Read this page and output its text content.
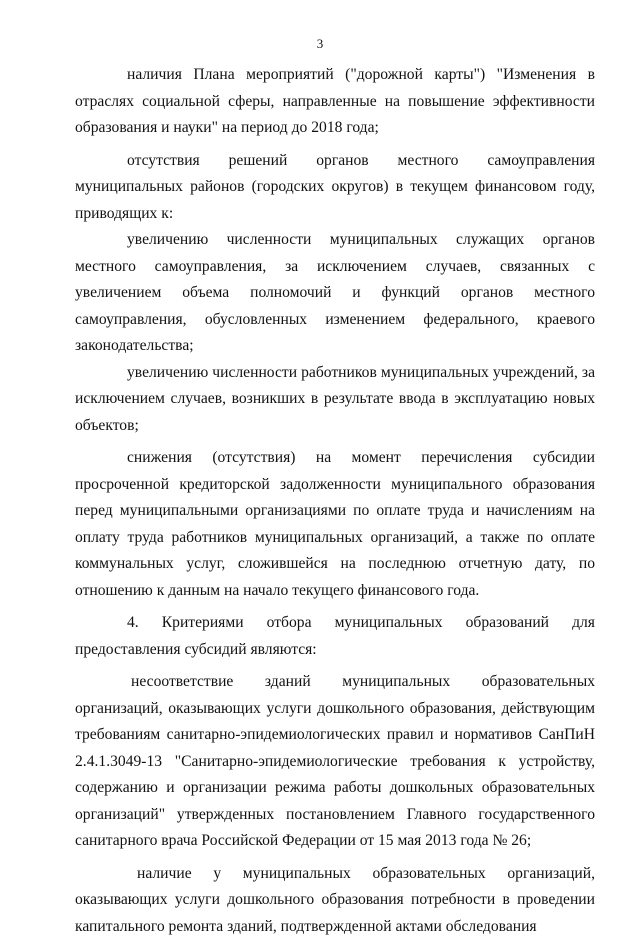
3

наличия Плана мероприятий ("дорожной карты") "Изменения в отраслях социальной сферы, направленные на повышение эффективности образования и науки" на период до 2018 года;

отсутствия решений органов местного самоуправления муниципальных районов (городских округов) в текущем финансовом году, приводящих к:

увеличению численности муниципальных служащих органов местного самоуправления, за исключением случаев, связанных с увеличением объема полномочий и функций органов местного самоуправления, обусловленных изменением федерального, краевого законодательства;

увеличению численности работников муниципальных учреждений, за исключением случаев, возникших в результате ввода в эксплуатацию новых объектов;

снижения (отсутствия) на момент перечисления субсидии просроченной кредиторской задолженности муниципального образования перед муниципальными организациями по оплате труда и начислениям на оплату труда работников муниципальных организаций, а также по оплате коммунальных услуг, сложившейся на последнюю отчетную дату, по отношению к данным на начало текущего финансового года.

4. Критериями отбора муниципальных образований для предоставления субсидий являются:

несоответствие зданий муниципальных образовательных организаций, оказывающих услуги дошкольного образования, действующим требованиям санитарно-эпидемиологических правил и нормативов СанПиН 2.4.1.3049-13 "Санитарно-эпидемиологические требования к устройству, содержанию и организации режима работы дошкольных образовательных организаций" утвержденных постановлением Главного государственного санитарного врача Российской Федерации от 15 мая 2013 года № 26;

наличие у муниципальных образовательных организаций, оказывающих услуги дошкольного образования потребности в проведении капитального ремонта зданий, подтвержденной актами обследования
